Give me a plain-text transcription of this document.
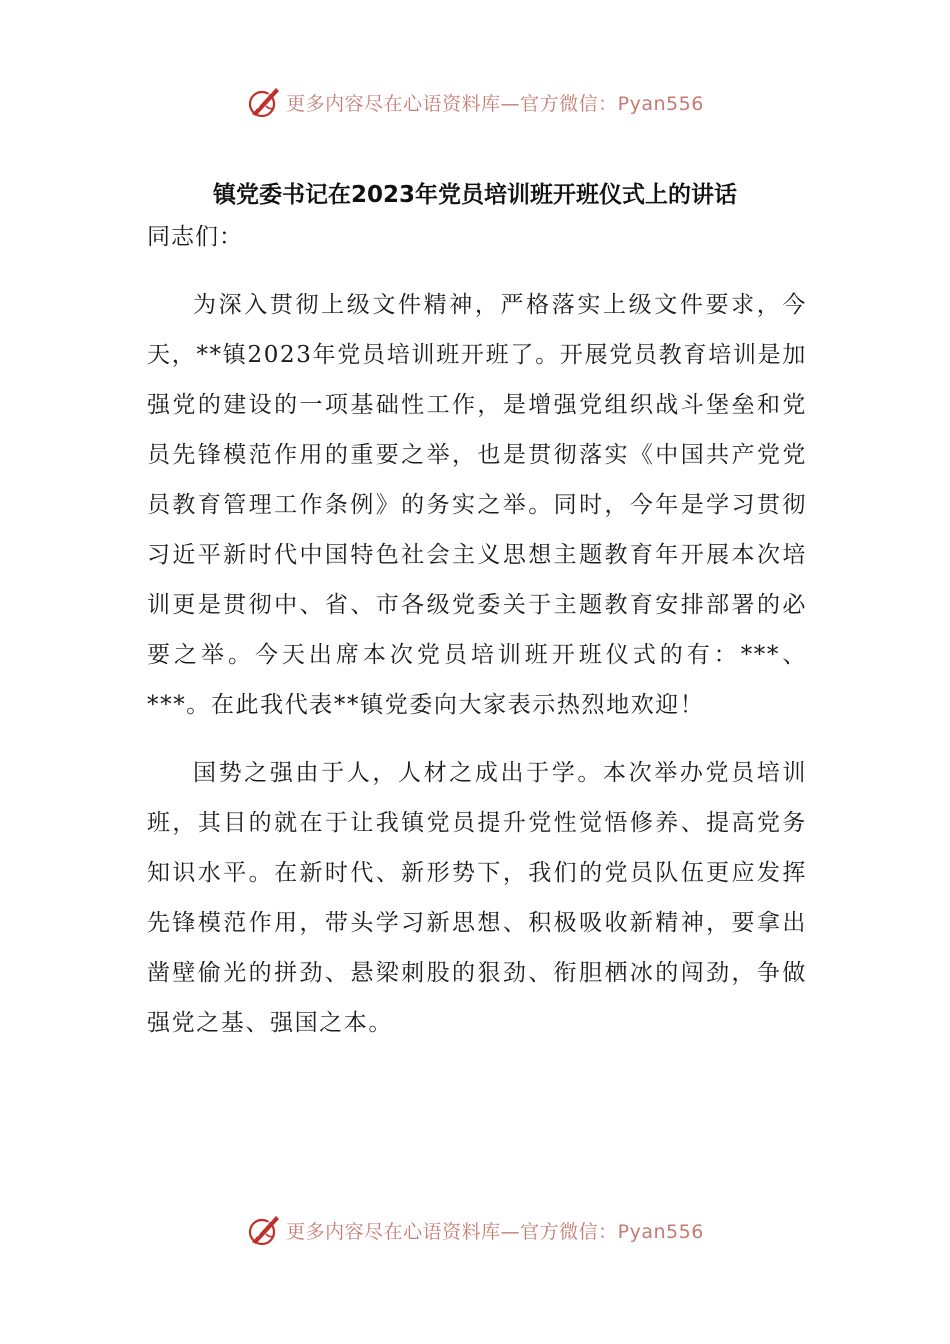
更多内容尽在心语资料库—官方微信：Pyan556
镇党委书记在2023年党员培训班开班仪式上的讲话

同志们：

为深入贯彻上级文件精神，严格落实上级文件要求，今天，**镇2023年党员培训班开班了。开展党员教育培训是加强党的建设的一项基础性工作，是增强党组织战斗堡垒和党员先锋模范作用的重要之举，也是贯彻落实《中国共产党党员教育管理工作条例》的务实之举。同时，今年是学习贯彻习近平新时代中国特色社会主义思想主题教育年开展本次培训更是贯彻中、省、市各级党委关于主题教育安排部署的必要之举。今天出席本次党员培训班开班仪式的有：***、***。在此我代表**镇党委向大家表示热烈地欢迎！

国势之强由于人，人材之成出于学。本次举办党员培训班，其目的就在于让我镇党员提升党性觉悟修养、提高党务知识水平。在新时代、新形势下，我们的党员队伍更应发挥先锋模范作用，带头学习新思想、积极吸收新精神，要拿出凿壁偷光的拼劲、悬梁刺股的狠劲、衔胆栖冰的闯劲，争做强党之基、强国之本。

更多内容尽在心语资料库—官方微信：Pyan556
